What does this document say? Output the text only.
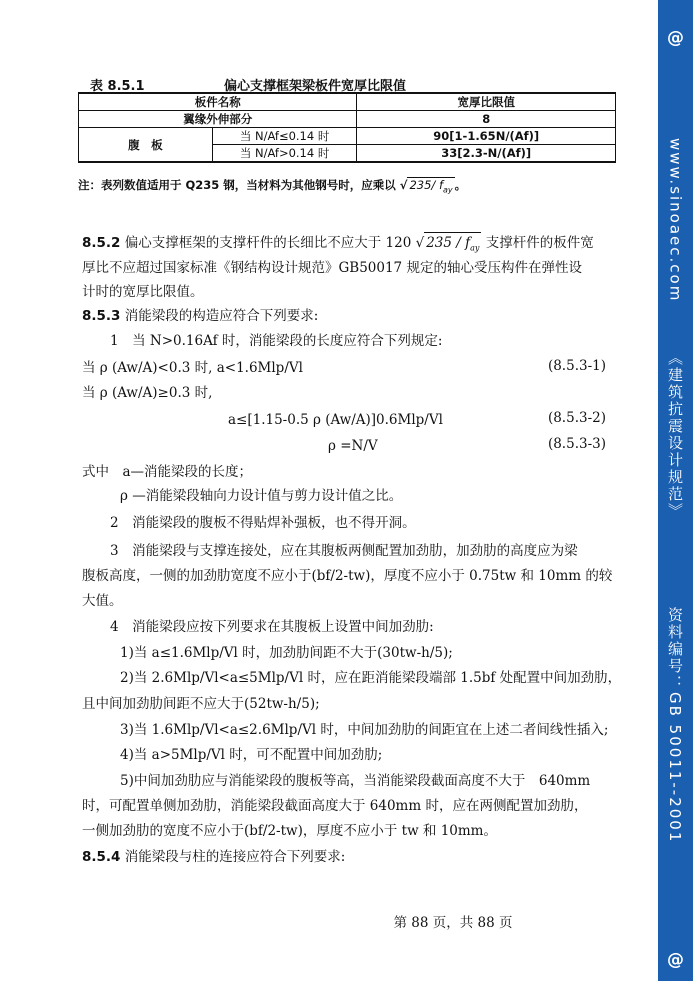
表 8.5.1	偏心支撑框架梁板件宽厚比限值
板件名称		宽厚比限值
翼缘外伸部分		8
腹　板	当 N/Af≤0.14 时	90[1-1.65N/(Af)]
	当 N/Af>0.14 时	33[2.3-N/(Af)]
注：表列数值适用于 Q235 钢，当材料为其他钢号时，应乘以 √ 235/ $f_{ay}$ 。
8.5.2 偏心支撑框架的支撑杆件的长细比不应大于 120 √ $235 / f_{ay}$ 支撑杆件的板件宽
厚比不应超过国家标准《钢结构设计规范》GB50017 规定的轴心受压构件在弹性设
计时的宽厚比限值。
8.5.3 消能梁段的构造应符合下列要求:
1　当 N>0.16Af 时，消能梁段的长度应符合下列规定:
当 ρ (Aw/A)<0.3 时, a<1.6Mlp/Vl	(8.5.3-1)
当 ρ (Aw/A)≥0.3 时,
a≤[1.15-0.5 ρ (Aw/A)]0.6Mlp/Vl	(8.5.3-2)
ρ =N/V	(8.5.3-3)
式中　a—消能梁段的长度；
ρ —消能梁段轴向力设计值与剪力设计值之比。
2　消能梁段的腹板不得贴焊补强板，也不得开洞。
3　消能梁段与支撑连接处，应在其腹板两侧配置加劲肋，加劲肋的高度应为梁
腹板高度，一侧的加劲肋宽度不应小于(bf/2-tw)，厚度不应小于 0.75tw 和 10mm 的较
大值。
4　消能梁段应按下列要求在其腹板上设置中间加劲肋:
1)当 a≤1.6Mlp/Vl 时，加劲肋间距不大于(30tw-h/5);
2)当 2.6Mlp/Vl<a≤5Mlp/Vl 时，应在距消能梁段端部 1.5bf 处配置中间加劲肋，
且中间加劲肋间距不应大于(52tw-h/5);
3)当 1.6Mlp/Vl<a≤2.6Mlp/Vl 时，中间加劲肋的间距宜在上述二者间线性插入;
4)当 a>5Mlp/Vl 时，可不配置中间加劲肋;
5)中间加劲肋应与消能梁段的腹板等高，当消能梁段截面高度不大于　640mm
时，可配置单侧加劲肋，消能梁段截面高度大于 640mm 时，应在两侧配置加劲肋，
一侧加劲肋的宽度不应小于(bf/2-tw)，厚度不应小于 tw 和 10mm。
8.5.4 消能梁段与柱的连接应符合下列要求:
第 88 页，共 88 页
@
www.sinoaec.com
《建筑抗震设计规范》
资料编号：GB 50011--2001
@
